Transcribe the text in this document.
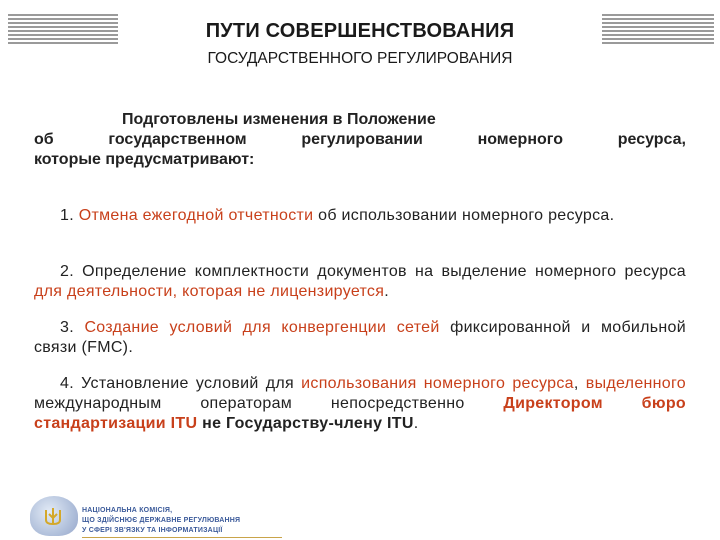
ПУТИ СОВЕРШЕНСТВОВАНИЯ
ГОСУДАРСТВЕННОГО РЕГУЛИРОВАНИЯ
Подготовлены изменения в Положение
об	государственном	регулировании	номерного	ресурса,
которые предусматривают:
1. Отмена ежегодной отчетности об использовании номерного ресурса.
2. Определение комплектности документов на выделение номерного ресурса для деятельности, которая не лицензируется.
3. Создание условий для конвергенции сетей фиксированной и мобильной связи (FMC).
4. Установление условий для использования номерного ресурса, выделенного международным операторам непосредственно Директором бюро стандартизации ITU не Государству-члену ITU.
НАЦІОНАЛЬНА КОМІСІЯ,
ЩО ЗДІЙСНЮЄ ДЕРЖАВНЕ РЕГУЛЮВАННЯ
У СФЕРІ ЗВ'ЯЗКУ ТА ІНФОРМАТИЗАЦІЇ
